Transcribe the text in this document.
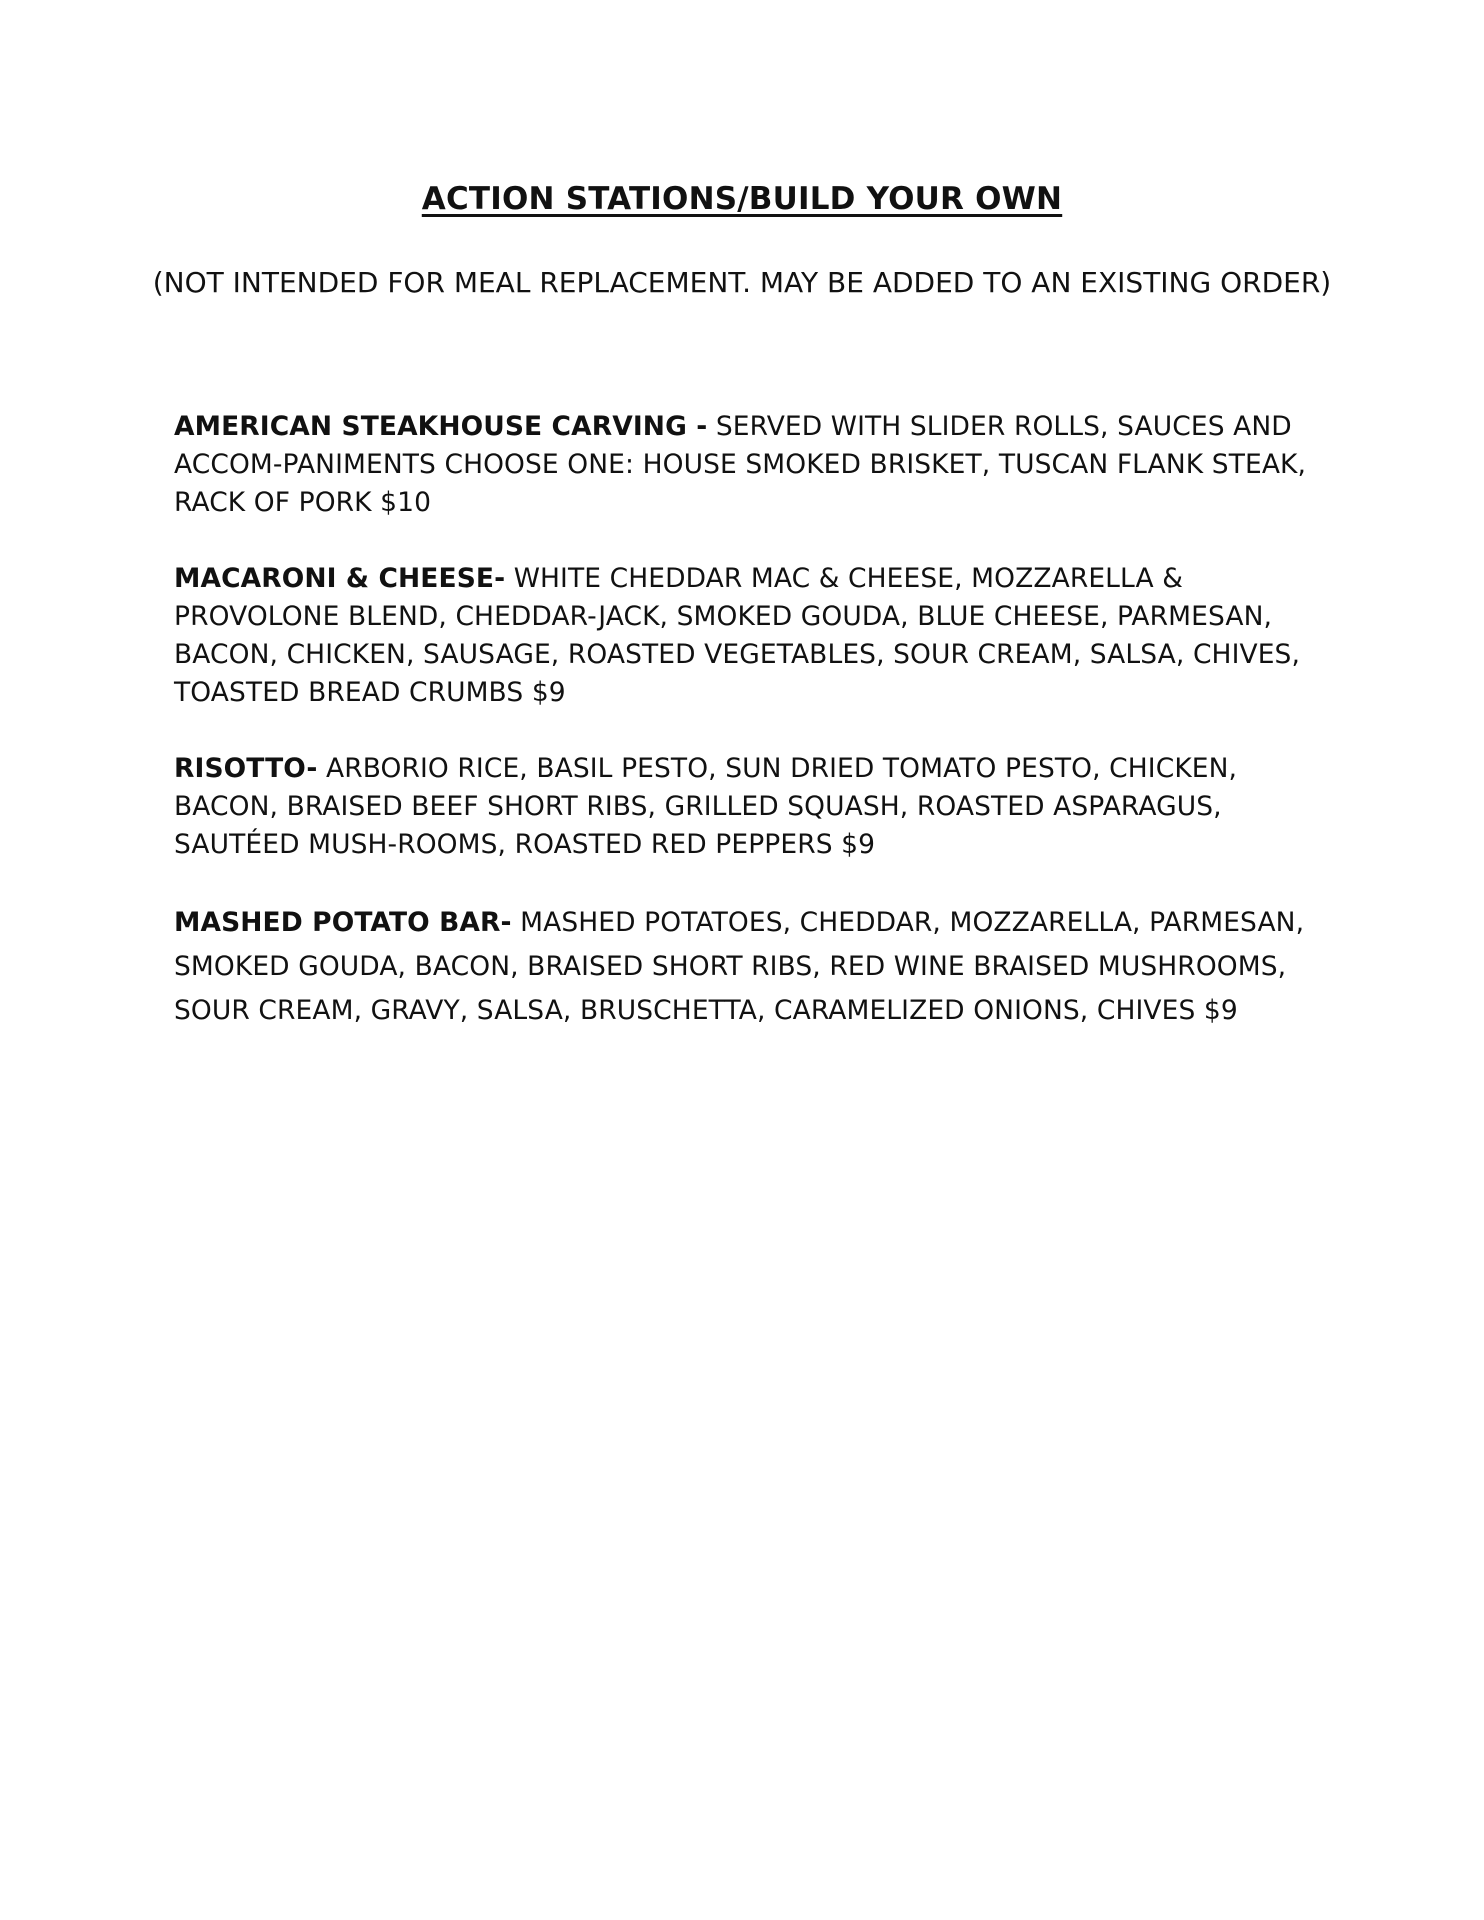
ACTION STATIONS/BUILD YOUR OWN
(NOT INTENDED FOR MEAL REPLACEMENT. MAY BE ADDED TO AN EXISTING ORDER)

AMERICAN STEAKHOUSE CARVING - SERVED WITH SLIDER ROLLS, SAUCES AND ACCOM-PANIMENTS CHOOSE ONE: HOUSE SMOKED BRISKET, TUSCAN FLANK STEAK, RACK OF PORK $10

MACARONI & CHEESE- WHITE CHEDDAR MAC & CHEESE, MOZZARELLA & PROVOLONE BLEND, CHEDDAR-JACK, SMOKED GOUDA, BLUE CHEESE, PARMESAN, BACON, CHICKEN, SAUSAGE, ROASTED VEGETABLES, SOUR CREAM, SALSA, CHIVES, TOASTED BREAD CRUMBS $9

RISOTTO- ARBORIO RICE, BASIL PESTO, SUN DRIED TOMATO PESTO, CHICKEN, BACON, BRAISED BEEF SHORT RIBS, GRILLED SQUASH, ROASTED ASPARAGUS, SAUTÉED MUSH-ROOMS, ROASTED RED PEPPERS $9

MASHED POTATO BAR- MASHED POTATOES, CHEDDAR, MOZZARELLA, PARMESAN, SMOKED GOUDA, BACON, BRAISED SHORT RIBS, RED WINE BRAISED MUSHROOMS, SOUR CREAM, GRAVY, SALSA, BRUSCHETTA, CARAMELIZED ONIONS, CHIVES $9
